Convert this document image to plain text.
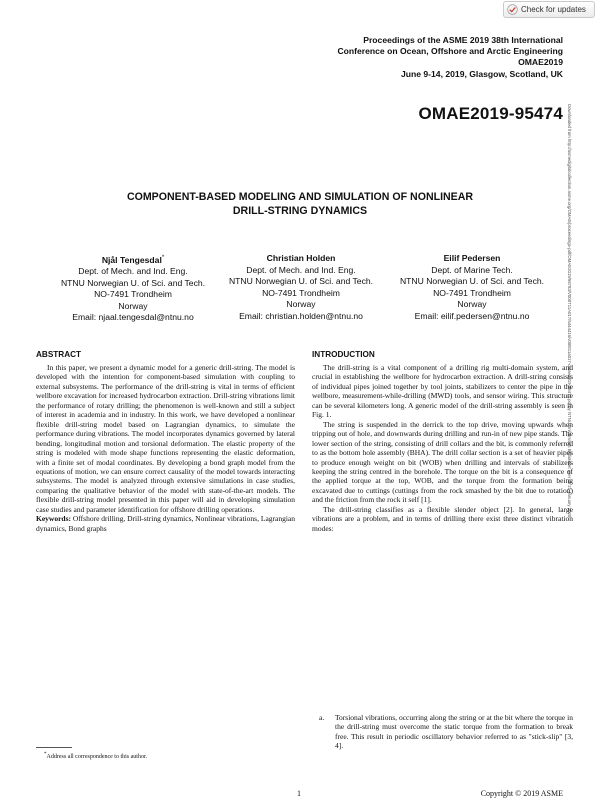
Check for updates
Proceedings of the ASME 2019 38th International
Conference on Ocean, Offshore and Arctic Engineering
OMAE2019
June 9-14, 2019, Glasgow, Scotland, UK
OMAE2019-95474 Downloaded from http://asmedigitalcollection.asme.org/OMAE/proceedings-pdf/OMAE2019/58783/V008T11A017/6444416/v008t11a017-omae2019-95474.pdf by NTNU Universitets Biblioteket user on 21 January 2020
COMPONENT-BASED MODELING AND SIMULATION OF NONLINEAR
DRILL-STRING DYNAMICS
Njål Tengesdal*
Dept. of Mech. and Ind. Eng.
NTNU Norwegian U. of Sci. and Tech.
NO-7491 Trondheim
Norway
Email: njaal.tengesdal@ntnu.no
Christian Holden
Dept. of Mech. and Ind. Eng.
NTNU Norwegian U. of Sci. and Tech.
NO-7491 Trondheim
Norway
Email: christian.holden@ntnu.no
Eilif Pedersen
Dept. of Marine Tech.
NTNU Norwegian U. of Sci. and Tech.
NO-7491 Trondheim
Norway
Email: eilif.pedersen@ntnu.no
ABSTRACT

In this paper, we present a dynamic model for a generic drill-string. The model is developed with the intention for component-based simulation with coupling to external subsystems. The performance of the drill-string is vital in terms of efficient wellbore excavation for increased hydrocarbon extraction. Drill-string vibrations limit the performance of rotary drilling; the phenomenon is well-known and still a subject of interest in academia and in industry. In this work, we have developed a nonlinear flexible drill-string model based on Lagrangian dynamics, to simulate the performance during vibrations. The model incorporates dynamics governed by lateral bending, longitudinal motion and torsional deformation. The elastic property of the string is modeled with mode shape functions representing the elastic deformation, with a finite set of modal coordinates. By developing a bond graph model from the equations of motion, we can ensure correct causality of the model towards interacting subsystems. The model is analyzed through extensive simulations in case studies, comparing the qualitative behavior of the model with state-of-the-art models. The flexible drill-string model presented in this paper will aid in developing simulation case studies and parameter identification for offshore drilling operations.

Keywords: Offshore drilling, Drill-string dynamics, Nonlinear vibrations, Lagrangian dynamics, Bond graphs

INTRODUCTION

The drill-string is a vital component of a drilling rig multi-domain system, and crucial in establishing the wellbore for hydrocarbon extraction. A drill-string consists of individual pipes joined together by tool joints, stabilizers to center the pipe in the wellbore, measurement-while-drilling (MWD) tools, and sensor wiring. This structure can be several kilometers long. A generic model of the drill-string assembly is seen in Fig. 1.

The string is suspended in the derrick to the top drive, moving upwards when tripping out of hole, and downwards during drilling and run-in of new pipe stands. The lower section of the string, consisting of drill collars and the bit, is commonly referred to as the bottom hole assembly (BHA). The drill collar section is a set of heavier pipes to produce enough weight on bit (WOB) when drilling and intervals of stabilizers keeping the string centred in the borehole. The torque on the bit is a consequence of the applied torque at the top, WOB, and the torque from the formation being excavated due to cuttings (cuttings from the rock smashed by the bit due to rotation) and the friction from the rock it self [1].

The drill-string classifies as a flexible slender object [2]. In general, large vibrations are a problem, and in terms of drilling there exist three distinct vibration modes:

a. Torsional vibrations, occurring along the string or at the bit where the torque in the drill-string must overcome the static torque from the formation to break free. This result in periodic oscillatory behavior referred to as "stick-slip" [3, 4].
*Address all correspondence to this author.
1	Copyright © 2019 ASME
